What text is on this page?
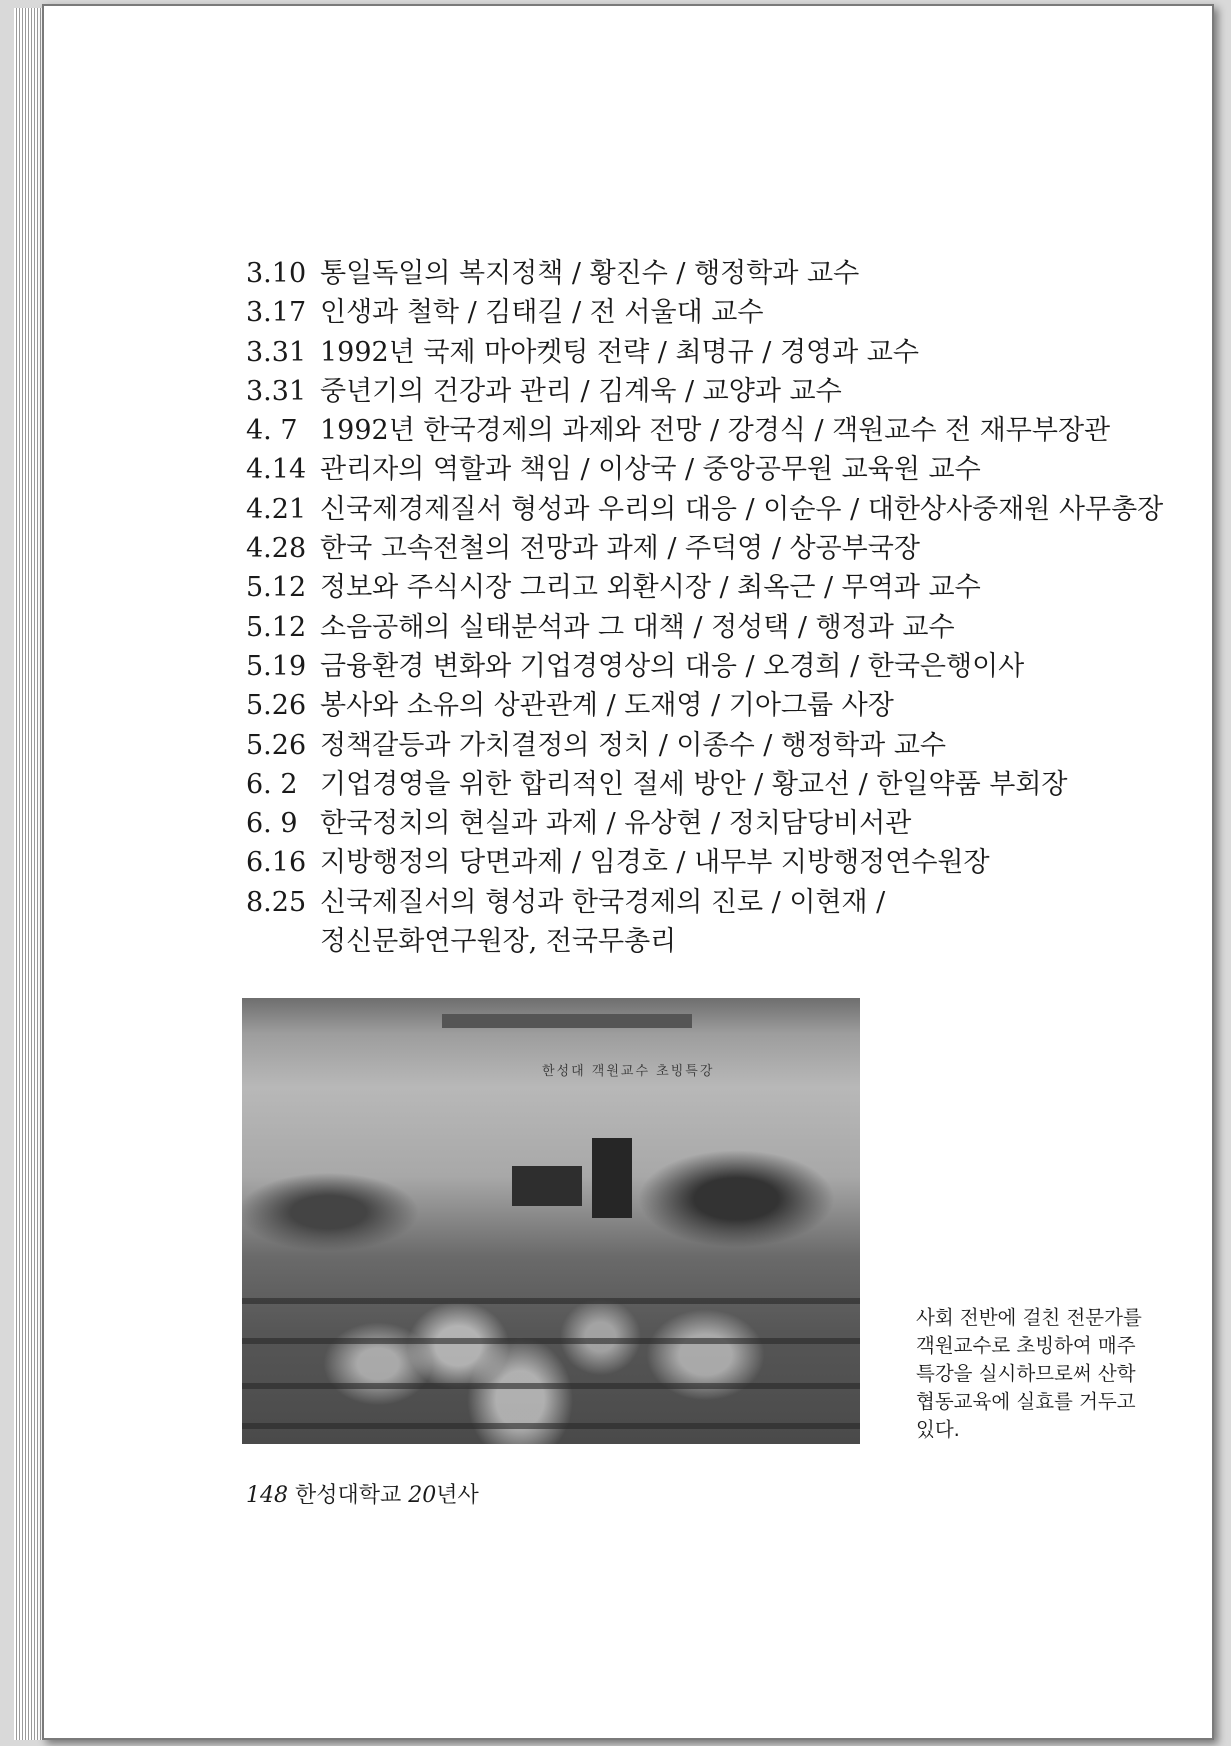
3.10 통일독일의 복지정책 / 황진수 / 행정학과 교수
3.17 인생과 철학 / 김태길 / 전 서울대 교수
3.31 1992년 국제 마아켓팅 전략 / 최명규 / 경영과 교수
3.31 중년기의 건강과 관리 / 김계욱 / 교양과 교수
4. 7 1992년 한국경제의 과제와 전망 / 강경식 / 객원교수 전 재무부장관
4.14 관리자의 역할과 책임 / 이상국 / 중앙공무원 교육원 교수
4.21 신국제경제질서 형성과 우리의 대응 / 이순우 / 대한상사중재원 사무총장
4.28 한국 고속전철의 전망과 과제 / 주덕영 / 상공부국장
5.12 정보와 주식시장 그리고 외환시장 / 최옥근 / 무역과 교수
5.12 소음공해의 실태분석과 그 대책 / 정성택 / 행정과 교수
5.19 금융환경 변화와 기업경영상의 대응 / 오경희 / 한국은행이사
5.26 봉사와 소유의 상관관계 / 도재영 / 기아그룹 사장
5.26 정책갈등과 가치결정의 정치 / 이종수 / 행정학과 교수
6. 2 기업경영을 위한 합리적인 절세 방안 / 황교선 / 한일약품 부회장
6. 9 한국정치의 현실과 과제 / 유상현 / 정치담당비서관
6.16 지방행정의 당면과제 / 임경호 / 내무부 지방행정연수원장
8.25 신국제질서의 형성과 한국경제의 진로 / 이현재 /
정신문화연구원장, 전국무총리
한성대 객원교수 초빙특강
사회 전반에 걸친 전문가를
객원교수로 초빙하여 매주
특강을 실시하므로써 산학
협동교육에 실효를 거두고
있다.
148 한성대학교 20년사
